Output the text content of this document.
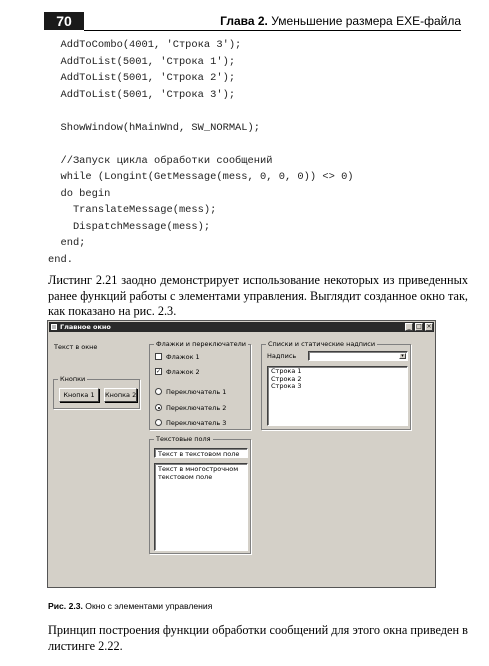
70	Глава 2. Уменьшение размера EXE-файла
AddToCombo(4001, 'Строка 3');
AddToList(5001, 'Строка 1');
AddToList(5001, 'Строка 2');
AddToList(5001, 'Строка 3');
ShowWindow(hMainWnd, SW_NORMAL);
//Запуск цикла обработки сообщений
while (Longint(GetMessage(mess, 0, 0, 0)) <> 0)
do begin
TranslateMessage(mess);
DispatchMessage(mess);
end;
end.

Листинг 2.21 заодно демонстрирует использование некоторых из приведенных ранее функций работы с элементами управления. Выглядит созданное окно так, как показано на рис. 2.3.

Главное окно	_ □ ×
Текст в окне
Кнопки
Кнопка 1	Кнопка 2
Флажки и переключатели
Флажок 1
✓ Флажок 2
Переключатель 1
Переключатель 2
Переключатель 3
Списки и статические надписи
Надпись	▾
Строка 1
Строка 2
Строка 3
Текстовые поля
Текст в текстовом поле
Текст в многострочном текстовом поле
Рис. 2.3. Окно с элементами управления

Принцип построения функции обработки сообщений для этого окна приведен в листинге 2.22.
